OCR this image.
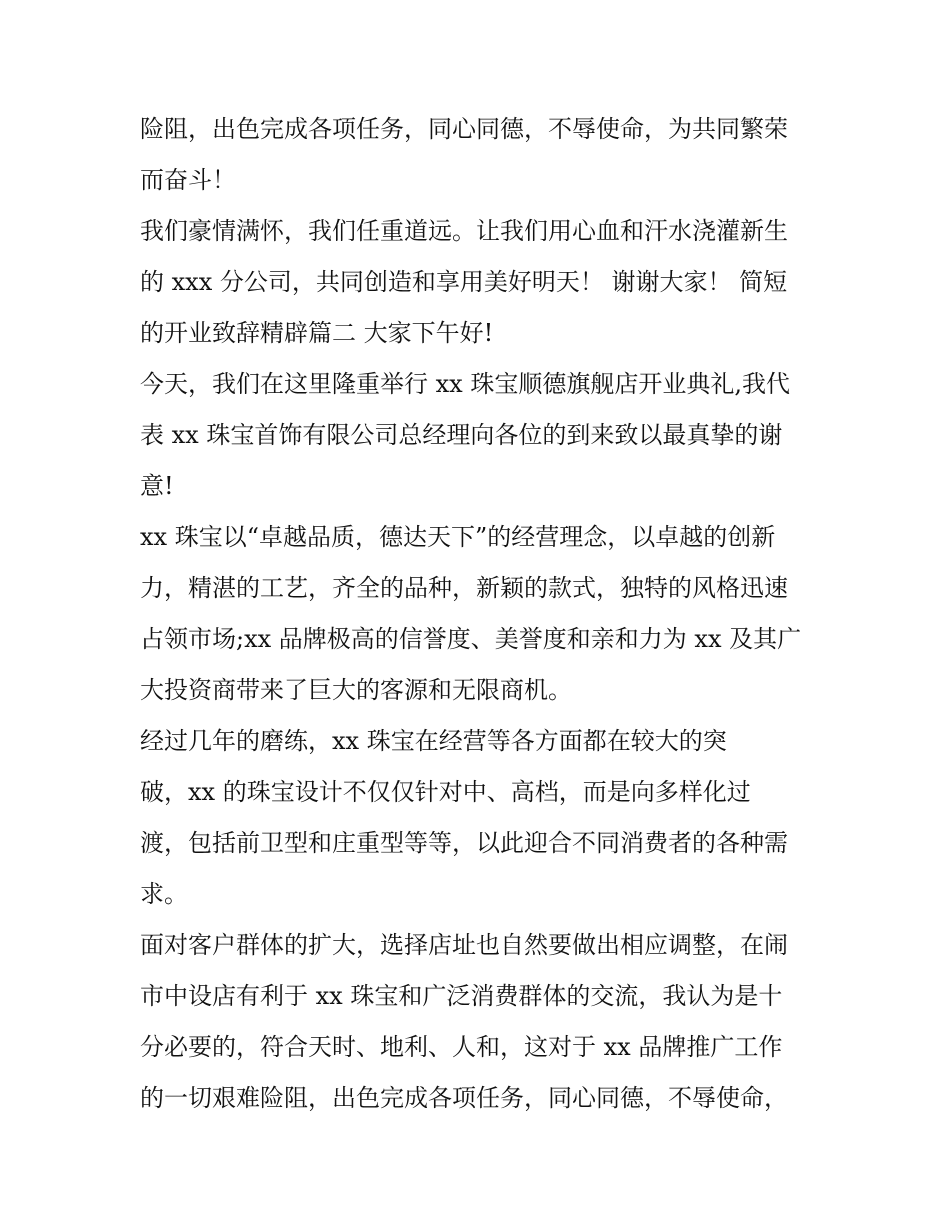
险阻，出色完成各项任务，同心同德，不辱使命，为共同繁荣
而奋斗！
我们豪情满怀，我们任重道远。让我们用心血和汗水浇灌新生
的 xxx 分公司，共同创造和享用美好明天！ 谢谢大家！ 简短
的开业致辞精辟篇二 大家下午好!
今天，我们在这里隆重举行 xx 珠宝顺德旗舰店开业典礼,我代
表 xx 珠宝首饰有限公司总经理向各位的到来致以最真挚的谢
意!
xx 珠宝以“卓越品质，德达天下”的经营理念，以卓越的创新
力，精湛的工艺，齐全的品种，新颖的款式，独特的风格迅速
占领市场;xx 品牌极高的信誉度、美誉度和亲和力为 xx 及其广
大投资商带来了巨大的客源和无限商机。
经过几年的磨练，xx 珠宝在经营等各方面都在较大的突
破，xx 的珠宝设计不仅仅针对中、高档，而是向多样化过
渡，包括前卫型和庄重型等等，以此迎合不同消费者的各种需
求。
面对客户群体的扩大，选择店址也自然要做出相应调整，在闹
市中设店有利于 xx 珠宝和广泛消费群体的交流，我认为是十
分必要的，符合天时、地利、人和，这对于 xx 品牌推广工作
的一切艰难险阻，出色完成各项任务，同心同德，不辱使命，
